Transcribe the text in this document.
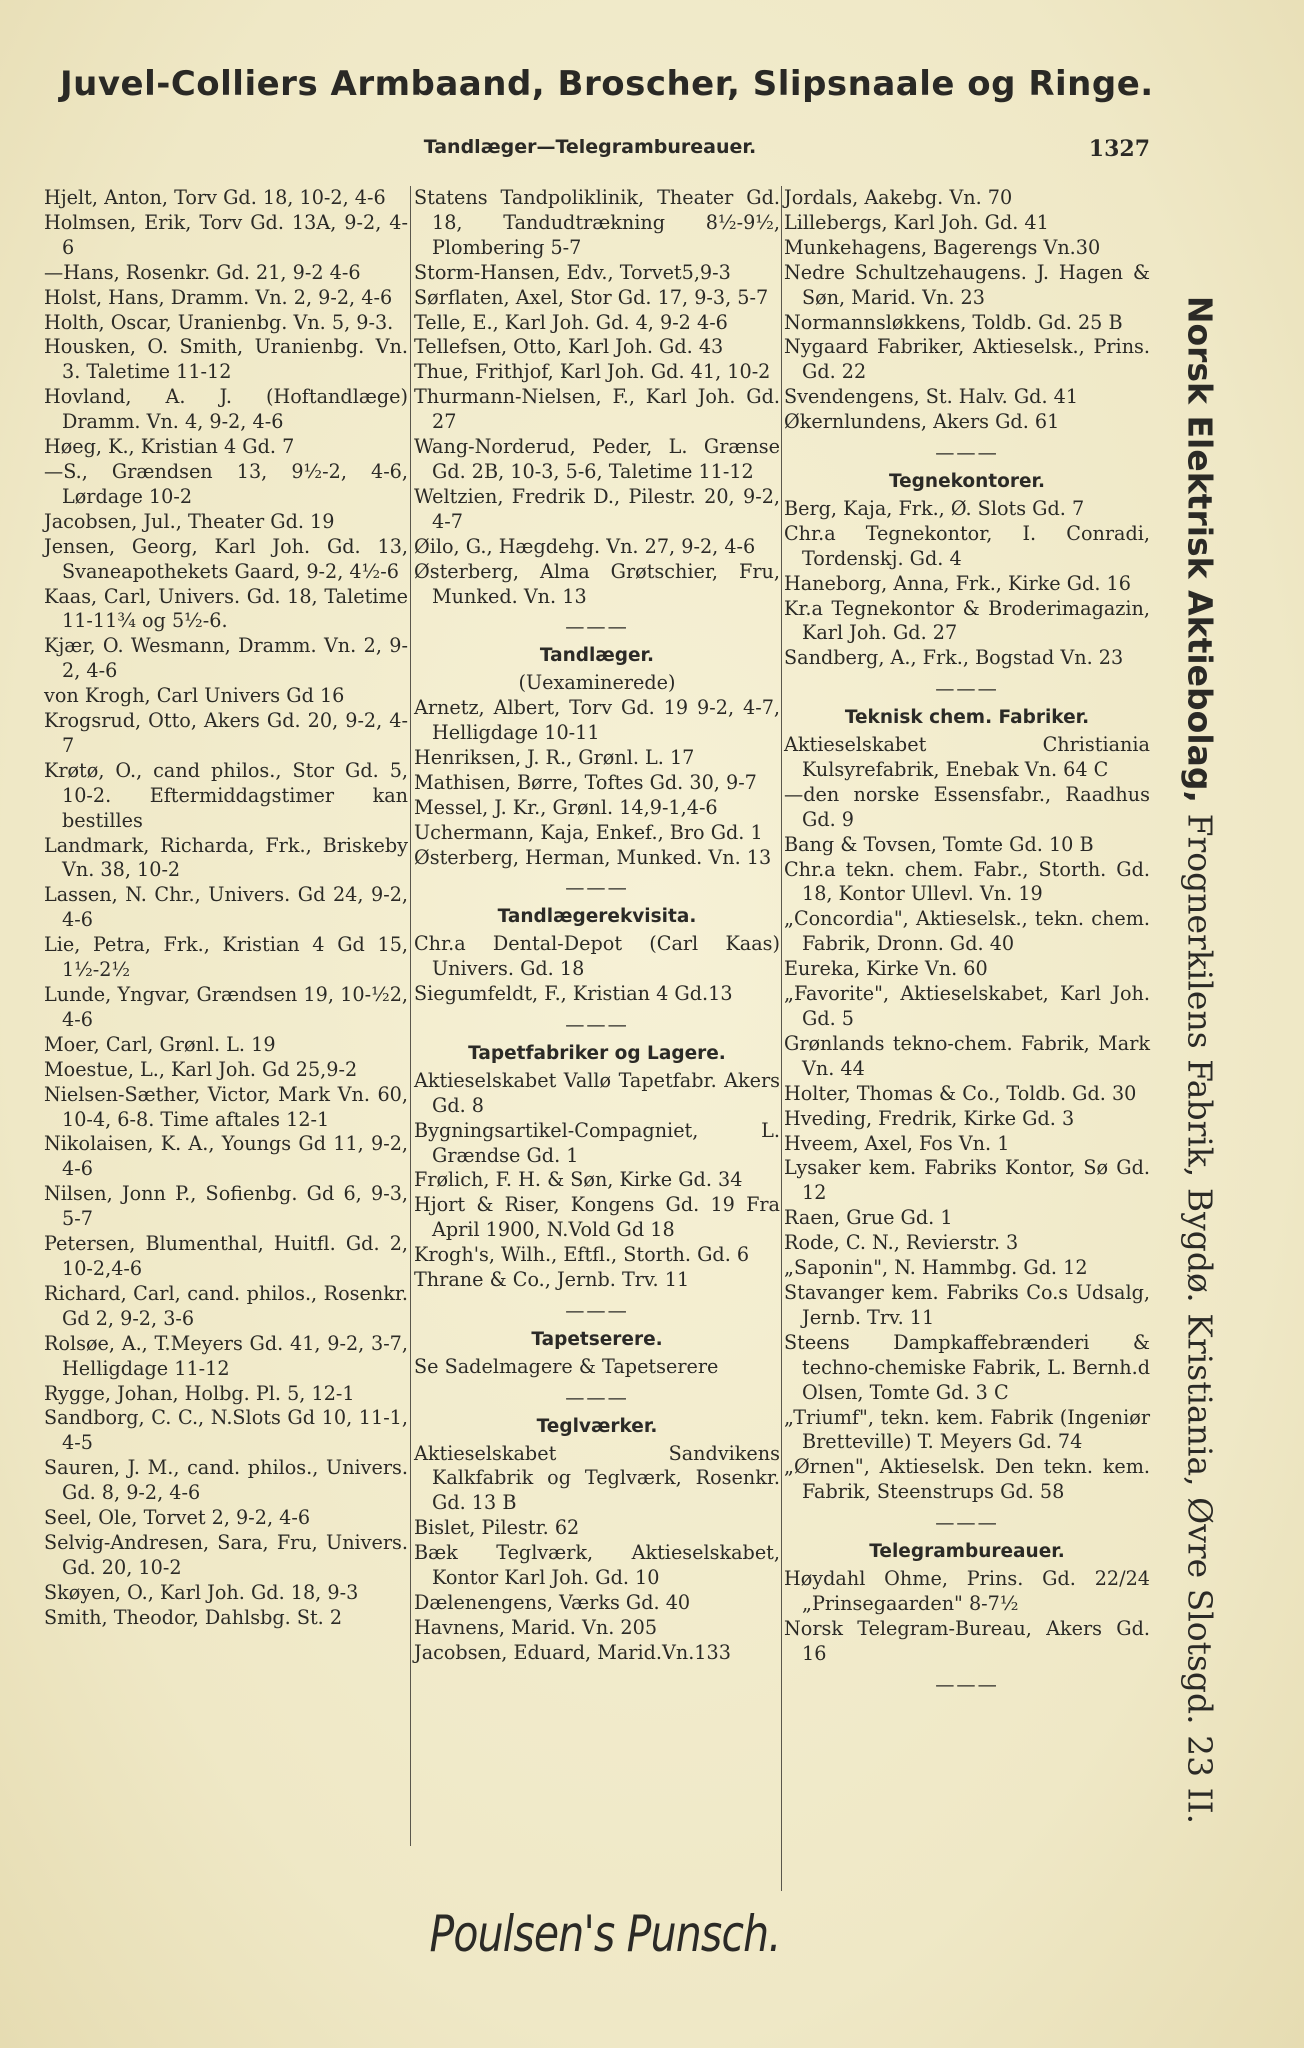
Juvel-Colliers Armbaand, Broscher, Slipsnaale og Ringe.
Tandlæger—Telegrambureauer.	1327

Hjelt, Anton, Torv Gd. 18, 10-2, 4-6

Holmsen, Erik, Torv Gd. 13A, 9-2, 4-6

—Hans, Rosenkr. Gd. 21, 9-2 4-6

Holst, Hans, Dramm. Vn. 2, 9-2, 4-6

Holth, Oscar, Uranienbg. Vn. 5, 9-3.

Housken, O. Smith, Uranienbg. Vn. 3. Taletime 11-12

Hovland, A. J. (Hoftandlæge) Dramm. Vn. 4, 9-2, 4-6

Høeg, K., Kristian 4 Gd. 7

—S., Grændsen 13, 9½-2, 4-6, Lørdage 10-2

Jacobsen, Jul., Theater Gd. 19

Jensen, Georg, Karl Joh. Gd. 13, Svaneapothekets Gaard, 9-2, 4½-6

Kaas, Carl, Univers. Gd. 18, Taletime 11-11¾ og 5½-6.

Kjær, O. Wesmann, Dramm. Vn. 2, 9-2, 4-6

von Krogh, Carl Univers Gd 16

Krogsrud, Otto, Akers Gd. 20, 9-2, 4-7

Krøtø, O., cand philos., Stor Gd. 5, 10-2. Eftermiddagstimer kan bestilles

Landmark, Richarda, Frk., Briskeby Vn. 38, 10-2

Lassen, N. Chr., Univers. Gd 24, 9-2, 4-6

Lie, Petra, Frk., Kristian 4 Gd 15, 1½-2½

Lunde, Yngvar, Grændsen 19, 10-½2, 4-6

Moer, Carl, Grønl. L. 19

Moestue, L., Karl Joh. Gd 25,9-2

Nielsen-Sæther, Victor, Mark Vn. 60, 10-4, 6-8. Time aftales 12-1

Nikolaisen, K. A., Youngs Gd 11, 9-2, 4-6

Nilsen, Jonn P., Sofienbg. Gd 6, 9-3, 5-7

Petersen, Blumenthal, Huitfl. Gd. 2, 10-2,4-6

Richard, Carl, cand. philos., Rosenkr. Gd 2, 9-2, 3-6

Rolsøe, A., T.Meyers Gd. 41, 9-2, 3-7, Helligdage 11-12

Rygge, Johan, Holbg. Pl. 5, 12-1

Sandborg, C. C., N.Slots Gd 10, 11-1, 4-5

Sauren, J. M., cand. philos., Univers. Gd. 8, 9-2, 4-6

Seel, Ole, Torvet 2, 9-2, 4-6

Selvig-Andresen, Sara, Fru, Univers. Gd. 20, 10-2

Skøyen, O., Karl Joh. Gd. 18, 9-3

Smith, Theodor, Dahlsbg. St. 2

Statens Tandpoliklinik, Theater Gd. 18, Tandudtrækning 8½-9½, Plombering 5-7

Storm-Hansen, Edv., Torvet5,9-3

Sørflaten, Axel, Stor Gd. 17, 9-3, 5-7

Telle, E., Karl Joh. Gd. 4, 9-2 4-6

Tellefsen, Otto, Karl Joh. Gd. 43

Thue, Frithjof, Karl Joh. Gd. 41, 10-2

Thurmann-Nielsen, F., Karl Joh. Gd. 27

Wang-Norderud, Peder, L. Grænse Gd. 2B, 10-3, 5-6, Taletime 11-12

Weltzien, Fredrik D., Pilestr. 20, 9-2, 4-7

Øilo, G., Hægdehg. Vn. 27, 9-2, 4-6

Østerberg, Alma Grøtschier, Fru, Munked. Vn. 13

———

Tandlæger.

(Uexaminerede)

Arnetz, Albert, Torv Gd. 19 9-2, 4-7, Helligdage 10-11

Henriksen, J. R., Grønl. L. 17

Mathisen, Børre, Toftes Gd. 30, 9-7

Messel, J. Kr., Grønl. 14,9-1,4-6

Uchermann, Kaja, Enkef., Bro Gd. 1

Østerberg, Herman, Munked. Vn. 13

———

Tandlægerekvisita.

Chr.a Dental-Depot (Carl Kaas) Univers. Gd. 18

Siegumfeldt, F., Kristian 4 Gd.13

———

Tapetfabriker og Lagere.

Aktieselskabet Vallø Tapetfabr. Akers Gd. 8

Bygningsartikel-Compagniet, L. Grændse Gd. 1

Frølich, F. H. & Søn, Kirke Gd. 34

Hjort & Riser, Kongens Gd. 19 Fra April 1900, N.Vold Gd 18

Krogh's, Wilh., Eftfl., Storth. Gd. 6

Thrane & Co., Jernb. Trv. 11

———

Tapetserere.

Se Sadelmagere & Tapetserere

———

Teglværker.

Aktieselskabet Sandvikens Kalkfabrik og Teglværk, Rosenkr. Gd. 13 B

Bislet, Pilestr. 62

Bæk Teglværk, Aktieselskabet, Kontor Karl Joh. Gd. 10

Dælenengens, Værks Gd. 40

Havnens, Marid. Vn. 205

Jacobsen, Eduard, Marid.Vn.133

Jordals, Aakebg. Vn. 70

Lillebergs, Karl Joh. Gd. 41

Munkehagens, Bagerengs Vn.30

Nedre Schultzehaugens. J. Hagen & Søn, Marid. Vn. 23

Normannsløkkens, Toldb. Gd. 25 B

Nygaard Fabriker, Aktieselsk., Prins. Gd. 22

Svendengens, St. Halv. Gd. 41

Økernlundens, Akers Gd. 61

———

Tegnekontorer.

Berg, Kaja, Frk., Ø. Slots Gd. 7

Chr.a Tegnekontor, I. Conradi, Tordenskj. Gd. 4

Haneborg, Anna, Frk., Kirke Gd. 16

Kr.a Tegnekontor & Broderimagazin, Karl Joh. Gd. 27

Sandberg, A., Frk., Bogstad Vn. 23

———

Teknisk chem. Fabriker.

Aktieselskabet Christiania Kulsyrefabrik, Enebak Vn. 64 C

—den norske Essensfabr., Raadhus Gd. 9

Bang & Tovsen, Tomte Gd. 10 B

Chr.a tekn. chem. Fabr., Storth. Gd. 18, Kontor Ullevl. Vn. 19

„Concordia", Aktieselsk., tekn. chem. Fabrik, Dronn. Gd. 40

Eureka, Kirke Vn. 60

„Favorite", Aktieselskabet, Karl Joh. Gd. 5

Grønlands tekno-chem. Fabrik, Mark Vn. 44

Holter, Thomas & Co., Toldb. Gd. 30

Hveding, Fredrik, Kirke Gd. 3

Hveem, Axel, Fos Vn. 1

Lysaker kem. Fabriks Kontor, Sø Gd. 12

Raen, Grue Gd. 1

Rode, C. N., Revierstr. 3

„Saponin", N. Hammbg. Gd. 12

Stavanger kem. Fabriks Co.s Udsalg, Jernb. Trv. 11

Steens Dampkaffebrænderi & techno-chemiske Fabrik, L. Bernh.d Olsen, Tomte Gd. 3 C

„Triumf", tekn. kem. Fabrik (Ingeniør Bretteville) T. Meyers Gd. 74

„Ørnen", Aktieselsk. Den tekn. kem. Fabrik, Steenstrups Gd. 58

———

Telegrambureauer.

Høydahl Ohme, Prins. Gd. 22/24 „Prinsegaarden" 8-7½

Norsk Telegram-Bureau, Akers Gd. 16

———

Norsk Elektrisk Aktiebolag, Frognerkilens Fabrik, Bygdø. Kristiania, Øvre Slotsgd. 23 II.
Poulsen's Punsch.
